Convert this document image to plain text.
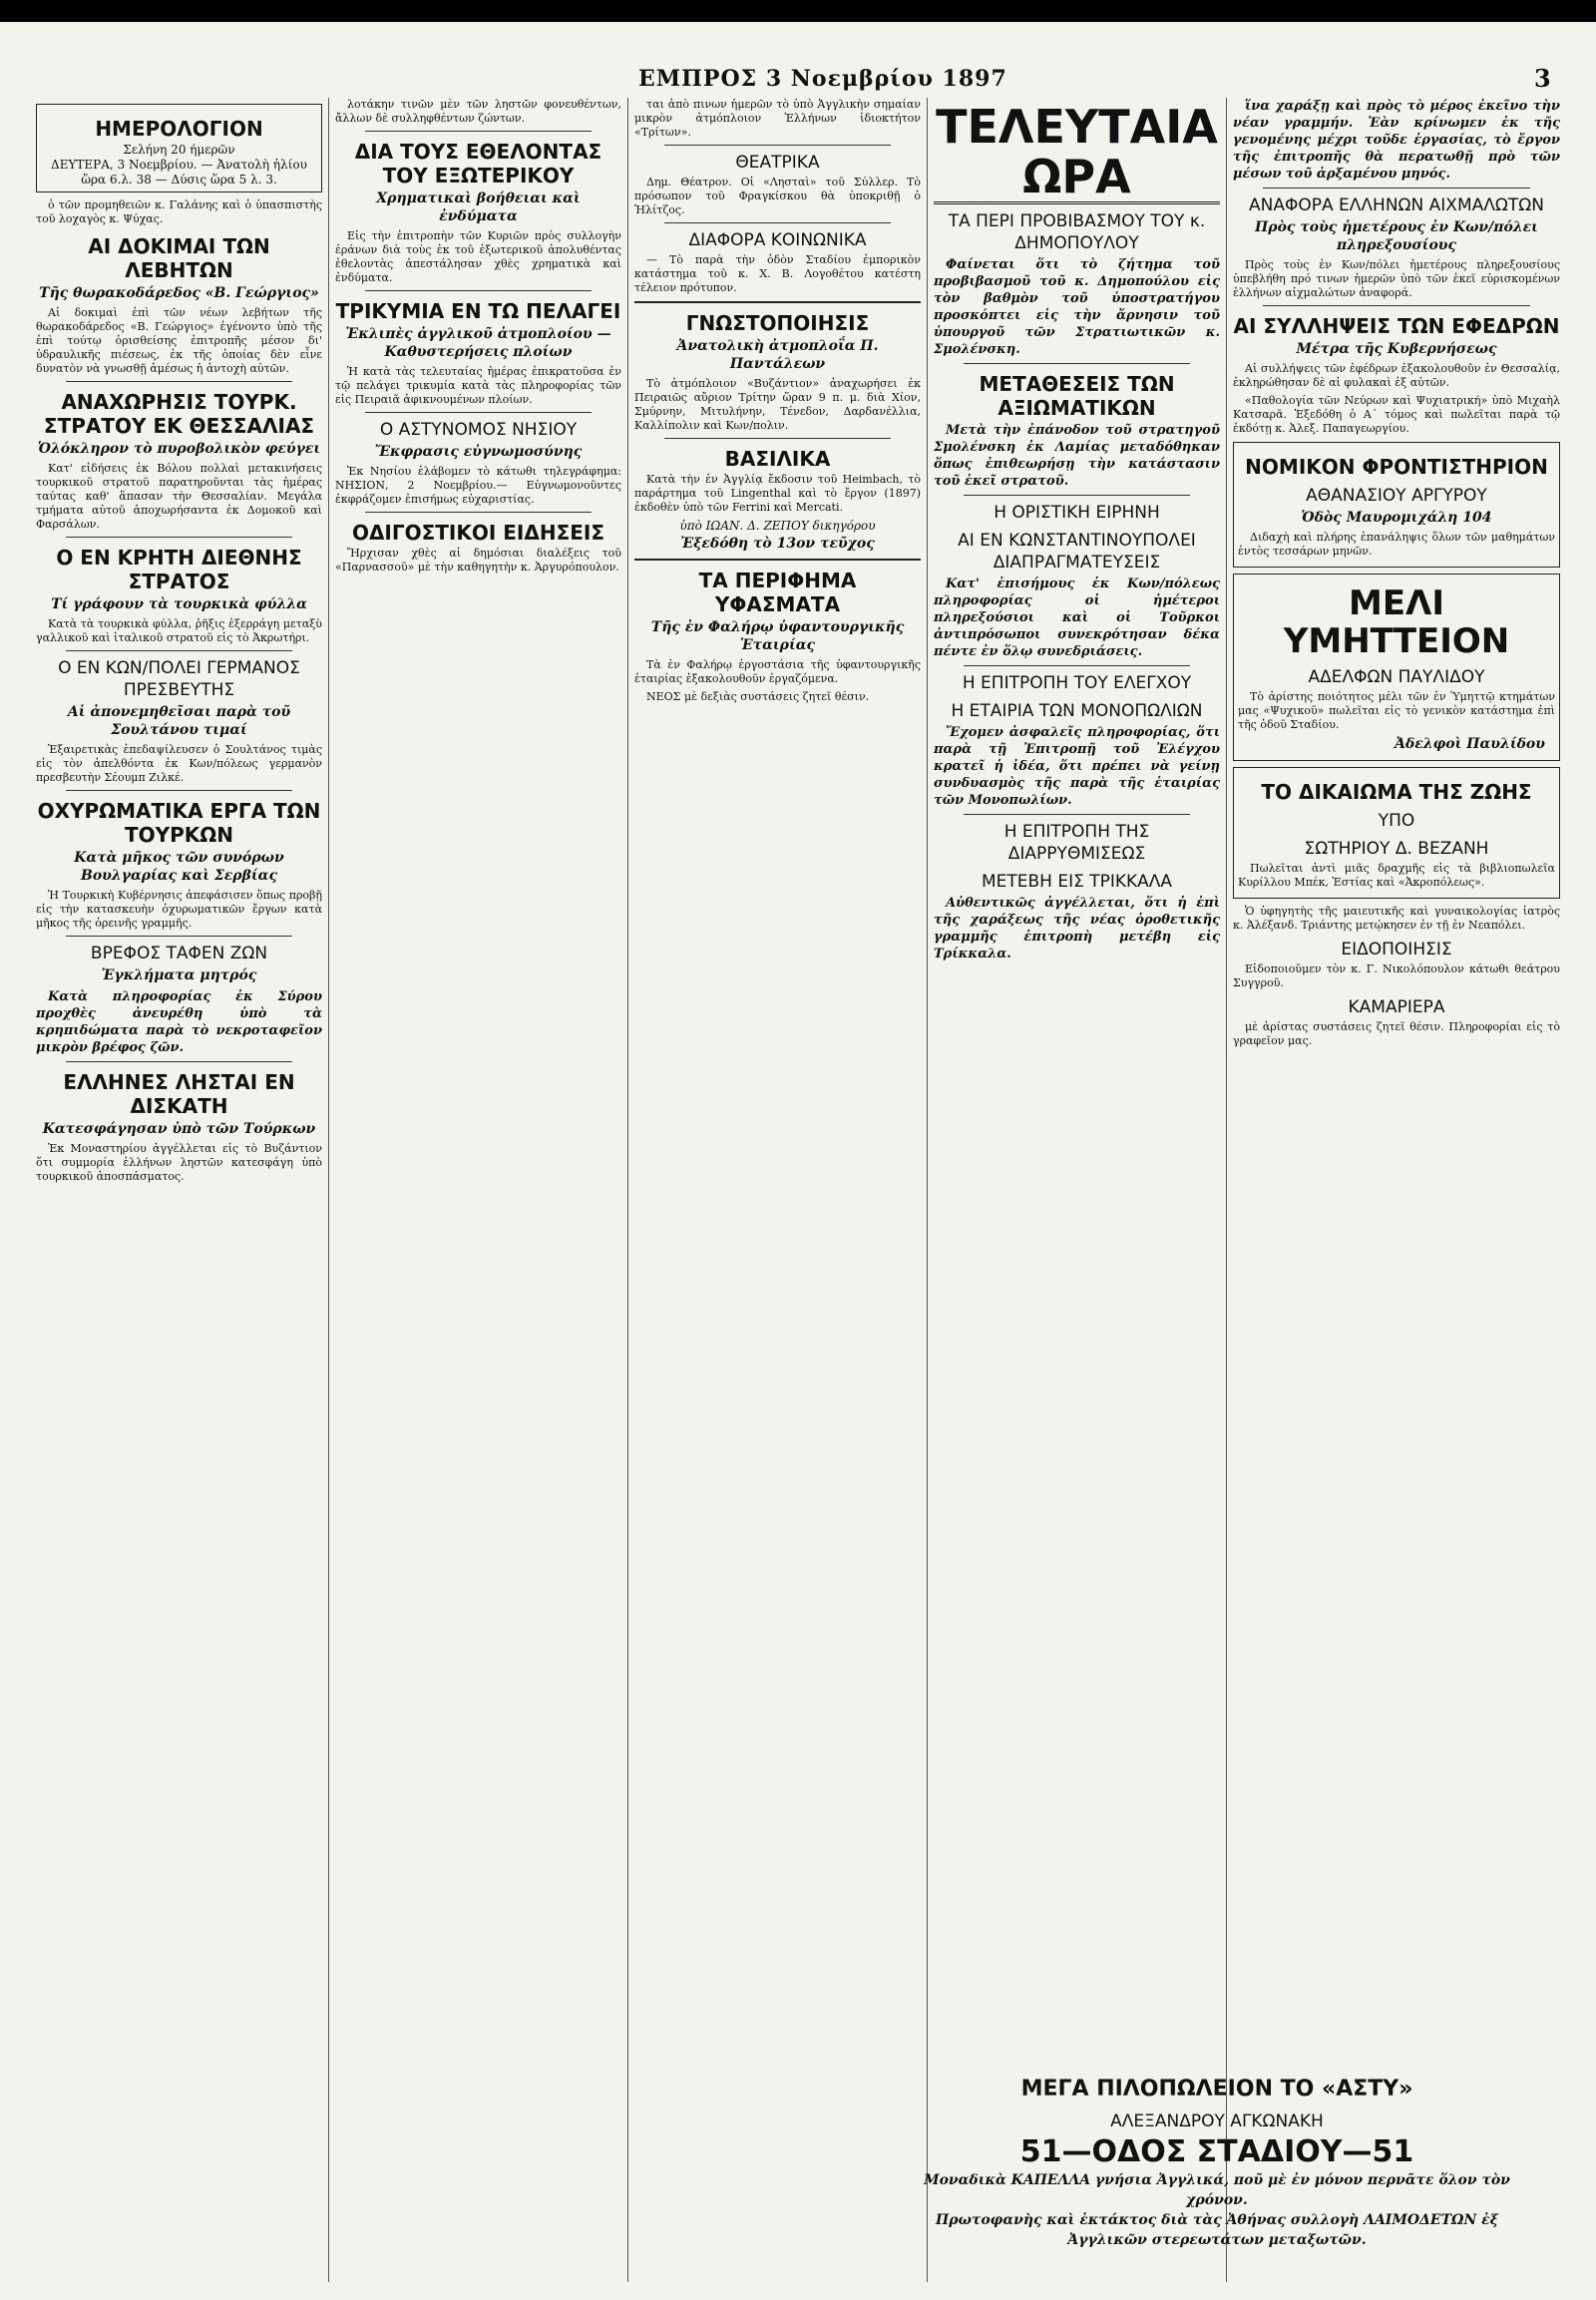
ΕΜΠΡΟΣ 3 Νοεμβρίου 1897	3
ΗΜΕΡΟΛΟΓΙΟΝ

Σελήνη 20 ήμερῶν

ΔΕΥΤΕΡΑ, 3 Νοεμβρίου. — Ἀνατολὴ ἡλίου ὥρα 6.λ. 38 — Δύσις ὥρα 5 λ. 3.

ὁ τῶν προμηθειῶν κ. Γαλάνης καὶ ὁ ὑπασπιστὴς τοῦ λοχαγὸς κ. Ψύχας.

ΑΙ ΔΟΚΙΜΑΙ ΤΩΝ ΛΕΒΗΤΩΝ
Τῆς θωρακοδάρεδος «Β. Γεώργιος»

Αἱ δοκιμαὶ ἐπὶ τῶν νέων λεβήτων τῆς θωρακοδάρεδος «Β. Γεώργιος» ἐγένοντο ὑπὸ τῆς ἐπὶ τούτῳ ὁρισθείσης ἐπιτροπῆς μέσον δι' ὑδραυλικῆς πιέσεως, ἐκ τῆς ὁποίας δὲν εἶνε δυνατὸν νὰ γνωσθῇ ἀμέσως ἡ ἀντοχὴ αὐτῶν.

ΑΝΑΧΩΡΗΣΙΣ ΤΟΥΡΚ. ΣΤΡΑΤΟΥ ΕΚ ΘΕΣΣΑΛΙΑΣ
Ὁλόκληρον τὸ πυροβολικὸν φεύγει

Κατ' εἰδήσεις ἐκ Βόλου πολλαὶ μετακινήσεις τουρκικοῦ στρατοῦ παρατηροῦνται τὰς ἡμέρας ταύτας καθ' ἅπασαν τὴν Θεσσαλίαν. Μεγάλα τμήματα αὐτοῦ ἀποχωρήσαντα ἐκ Δομοκοῦ καὶ Φαρσάλων.

Ο ΕΝ ΚΡΗΤΗ ΔΙΕΘΝΗΣ ΣΤΡΑΤΟΣ
Τί γράφουν τὰ τουρκικὰ φύλλα

Κατὰ τὰ τουρκικὰ φύλλα, ῥῆξις ἐξερράγη μεταξὺ γαλλικοῦ καὶ ἰταλικοῦ στρατοῦ εἰς τὸ Ἀκρωτήρι.

Ο ΕΝ ΚΩΝ/ΠΟΛΕΙ ΓΕΡΜΑΝΟΣ ΠΡΕΣΒΕΥΤΗΣ
Αἱ ἀπονεμηθεῖσαι παρὰ τοῦ Σουλτάνου τιμαί

Ἐξαιρετικὰς ἐπεδαψίλευσεν ὁ Σουλτάνος τιμὰς εἰς τὸν ἀπελθόντα ἐκ Κων/πόλεως γερμανὸν πρεσβευτὴν Σέουμπ Ζιλκέ.

ΟΧΥΡΩΜΑΤΙΚΑ ΕΡΓΑ ΤΩΝ ΤΟΥΡΚΩΝ
Κατὰ μῆκος τῶν συνόρων Βουλγαρίας καὶ Σερβίας

Ἡ Τουρκικὴ Κυβέρνησις ἀπεφάσισεν ὅπως προβῇ εἰς τὴν κατασκευὴν ὀχυρωματικῶν ἔργων κατὰ μῆκος τῆς ὀρεινῆς γραμμῆς.

ΒΡΕΦΟΣ ΤΑΦΕΝ ΖΩΝ
Ἐγκλήματα μητρός

Κατὰ πληροφορίας ἐκ Σύρου προχθὲς ἀνευρέθη ὑπὸ τὰ κρηπιδώματα παρὰ τὸ νεκροταφεῖον μικρὸν βρέφος ζῶν.

ΕΛΛΗΝΕΣ ΛΗΣΤΑΙ ΕΝ ΔΙΣΚΑΤΗ
Κατεσφάγησαν ὑπὸ τῶν Τούρκων

Ἐκ Μοναστηρίου ἀγγέλλεται εἰς τὸ Βυζάντιον ὅτι συμμορία ἑλλήνων ληστῶν κατεσφάγη ὑπὸ τουρκικοῦ ἀποσπάσματος.

λοτάκην τινῶν μὲν τῶν ληστῶν φονευθέντων, ἄλλων δὲ συλληφθέντων ζώντων.

ΔΙΑ ΤΟΥΣ ΕΘΕΛΟΝΤΑΣ ΤΟΥ ΕΞΩΤΕΡΙΚΟΥ
Χρηματικαὶ βοήθειαι καὶ ἐνδύματα

Εἰς τὴν ἐπιτροπὴν τῶν Κυριῶν πρὸς συλλογὴν ἐράνων διὰ τοὺς ἐκ τοῦ ἐξωτερικοῦ ἀπολυθέντας ἐθελοντὰς ἀπεστάλησαν χθὲς χρηματικὰ καὶ ἐνδύματα.

ΤΡΙΚΥΜΙΑ ΕΝ ΤΩ ΠΕΛΑΓΕΙ
Ἐκλιπὲς ἀγγλικοῦ ἀτμοπλοίου — Καθυστερήσεις πλοίων

Ἡ κατὰ τὰς τελευταίας ἡμέρας ἐπικρατοῦσα ἐν τῷ πελάγει τρικυμία κατὰ τὰς πληροφορίας τῶν εἰς Πειραιᾶ ἀφικνουμένων πλοίων.

Ο ΑΣΤΥΝΟΜΟΣ ΝΗΣΙΟΥ
Ἔκφρασις εὐγνωμοσύνης

Ἐκ Νησίου ἐλάβομεν τὸ κάτωθι τηλεγράφημα: ΝΗΣΙΟΝ, 2 Νοεμβρίου.— Εὐγνωμονοῦντες ἐκφράζομεν ἐπισήμως εὐχαριστίας.

ΟΔΙΓΟΣΤΙΚΟΙ ΕΙΔΗΣΕΙΣ

Ἤρχισαν χθὲς αἱ δημόσιαι διαλέξεις τοῦ «Παρνασσοῦ» μὲ τὴν καθηγητὴν κ. Ἀργυρόπουλον.

ται ἀπὸ πινων ἡμερῶν τὸ ὑπὸ Ἀγγλικὴν σημαίαν μικρὸν ἀτμόπλοιον Ἑλλήνων ἰδιοκτήτον «Τρίτων».

ΘΕΑΤΡΙΚΑ

Δημ. Θέατρον. Οἱ «Λησταὶ» τοῦ Σύλλερ. Τὸ πρόσωπον τοῦ Φραγκίσκου θὰ ὑποκριθῇ ὁ Ἠλίτζος.

ΔΙΑΦΟΡΑ ΚΟΙΝΩΝΙΚΑ

— Τὸ παρὰ τὴν ὁδὸν Σταδίου ἐμπορικὸν κατάστημα τοῦ κ. Χ. Β. Λογοθέτου κατέστη τέλειον πρότυπον.

ΓΝΩΣΤΟΠΟΙΗΣΙΣ
Ἀνατολικὴ ἀτμοπλοΐα Π. Παντάλεων

Τὸ ἀτμόπλοιον «Βυζάντιον» ἀναχωρήσει ἐκ Πειραιῶς αὔριον Τρίτην ὥραν 9 π. μ. διὰ Χίον, Σμύρνην, Μιτυλήνην, Τένεδον, Δαρδανέλλια, Καλλίπολιν καὶ Κων/πολιν.

ΒΑΣΙΛΙΚΑ

Κατὰ τὴν ἐν Ἀγγλίᾳ ἔκδοσιν τοῦ Heimbach, τὸ παράρτημα τοῦ Lingenthal καὶ τὸ ἔργον (1897) ἐκδοθὲν ὑπὸ τῶν Ferrini καὶ Mercati.

ὑπὸ ΙΩΑΝ. Δ. ΖΕΠΟΥ δικηγόρου
Ἐξεδόθη τὸ 13ον τεῦχος
ΤΑ ΠΕΡΙΦΗΜΑ ΥΦΑΣΜΑΤΑ
Τῆς ἐν Φαλήρῳ ὑφαντουργικῆς Ἑταιρίας

Τὰ ἐν Φαλήρῳ ἐργοστάσια τῆς ὑφαντουργικῆς ἑταιρίας ἐξακολουθοῦν ἐργαζόμενα.

ΝΕΟΣ μὲ δεξιὰς συστάσεις ζητεῖ θέσιν.

ΤΕΛΕΥΤΑΙΑ ΩΡΑ
ΤΑ ΠΕΡΙ ΠΡΟΒΙΒΑΣΜΟΥ ΤΟΥ κ. ΔΗΜΟΠΟΥΛΟΥ

Φαίνεται ὅτι τὸ ζήτημα τοῦ προβιβασμοῦ τοῦ κ. Δημοπούλου εἰς τὸν βαθμὸν τοῦ ὑποστρατήγου προσκόπτει εἰς τὴν ἄρνησιν τοῦ ὑπουργοῦ τῶν Στρατιωτικῶν κ. Σμολένσκη.

ΜΕΤΑΘΕΣΕΙΣ ΤΩΝ ΑΞΙΩΜΑΤΙΚΩΝ

Μετὰ τὴν ἐπάνοδον τοῦ στρατηγοῦ Σμολένσκη ἐκ Λαμίας μεταδόθηκαν ὅπως ἐπιθεωρήσῃ τὴν κατάστασιν τοῦ ἐκεῖ στρατοῦ.

Η ΟΡΙΣΤΙΚΗ ΕΙΡΗΝΗ
ΑΙ ΕΝ ΚΩΝΣΤΑΝΤΙΝΟΥΠΟΛΕΙ ΔΙΑΠΡΑΓΜΑΤΕΥΣΕΙΣ

Κατ' ἐπισήμους ἐκ Κων/πόλεως πληροφορίας οἱ ἡμέτεροι πληρεξούσιοι καὶ οἱ Τοῦρκοι ἀντιπρόσωποι συνεκρότησαν δέκα πέντε ἐν ὅλῳ συνεδριάσεις.

Η ΕΠΙΤΡΟΠΗ ΤΟΥ ΕΛΕΓΧΟΥ
Η ΕΤΑΙΡΙΑ ΤΩΝ ΜΟΝΟΠΩΛΙΩΝ

Ἔχομεν ἀσφαλεῖς πληροφορίας, ὅτι παρὰ τῇ Ἐπιτροπῇ τοῦ Ἐλέγχου κρατεῖ ἡ ἰδέα, ὅτι πρέπει νὰ γείνῃ συνδυασμὸς τῆς παρὰ τῆς ἑταιρίας τῶν Μονοπωλίων.

Η ΕΠΙΤΡΟΠΗ ΤΗΣ ΔΙΑΡΡΥΘΜΙΣΕΩΣ
ΜΕΤΕΒΗ ΕΙΣ ΤΡΙΚΚΑΛΑ

Αὐθεντικῶς ἀγγέλλεται, ὅτι ἡ ἐπὶ τῆς χαράξεως τῆς νέας ὁροθετικῆς γραμμῆς ἐπιτροπὴ μετέβη εἰς Τρίκκαλα.

ἵνα χαράξῃ καὶ πρὸς τὸ μέρος ἐκεῖνο τὴν νέαν γραμμήν. Ἐὰν κρίνωμεν ἐκ τῆς γενομένης μέχρι τοῦδε ἐργασίας, τὸ ἔργον τῆς ἐπιτροπῆς θὰ περατωθῇ πρὸ τῶν μέσων τοῦ ἀρξαμένου μηνός.

ΑΝΑΦΟΡΑ ΕΛΛΗΝΩΝ ΑΙΧΜΑΛΩΤΩΝ
Πρὸς τοὺς ἡμετέρους ἐν Κων/πόλει πληρεξουσίους

Πρὸς τοὺς ἐν Κων/πόλει ἡμετέρους πληρεξουσίους ὑπεβλήθη πρό τινων ἡμερῶν ὑπὸ τῶν ἐκεῖ εὑρισκομένων ἑλλήνων αἰχμαλώτων ἀναφορά.

ΑΙ ΣΥΛΛΗΨΕΙΣ ΤΩΝ ΕΦΕΔΡΩΝ
Μέτρα τῆς Κυβερνήσεως

Αἱ συλλήψεις τῶν ἐφέδρων ἐξακολουθοῦν ἐν Θεσσαλίᾳ, ἐκληρώθησαν δὲ αἱ φυλακαὶ ἐξ αὐτῶν.

«Παθολογία τῶν Νεύρων καὶ Ψυχιατρική» ὑπὸ Μιχαὴλ Κατσαρᾶ. Ἐξεδόθη ὁ Α΄ τόμος καὶ πωλεῖται παρὰ τῷ ἐκδότῃ κ. Ἀλεξ. Παπαγεωργίου.

ΝΟΜΙΚΟΝ ΦΡΟΝΤΙΣΤΗΡΙΟΝ
ΑΘΑΝΑΣΙΟΥ ΑΡΓΥΡΟΥ
Ὁδὸς Μαυρομιχάλη 104

Διδαχὴ καὶ πλήρης ἐπανάληψις ὅλων τῶν μαθημάτων ἐντὸς τεσσάρων μηνῶν.

ΜΕΛΙ ΥΜΗΤΤΕΙΟΝ
ΑΔΕΛΦΩΝ ΠΑΥΛΙΔΟΥ

Τὸ ἀρίστης ποιότητος μέλι τῶν ἐν Ὑμηττῷ κτημάτων μας «Ψυχικοῦ» πωλεῖται εἰς τὸ γενικὸν κατάστημα ἐπὶ τῆς ὁδοῦ Σταδίου.

Ἀδελφοὶ Παυλίδου
ΤΟ ΔΙΚΑΙΩΜΑ ΤΗΣ ΖΩΗΣ
ΥΠΟ
ΣΩΤΗΡΙΟΥ Δ. ΒΕΖΑΝΗ

Πωλεῖται ἀντὶ μιᾶς δραχμῆς εἰς τὰ βιβλιοπωλεῖα Κυρίλλου Μπέκ, Ἑστίας καὶ «Ἀκροπόλεως».

Ὁ ὑφηγητὴς τῆς μαιευτικῆς καὶ γυναικολογίας ἰατρὸς κ. Ἀλέξανδ. Τριάντης μετῴκησεν ἐν τῇ ἐν Νεαπόλει.

ΕΙΔΟΠΟΙΗΣΙΣ

Εἰδοποιοῦμεν τὸν κ. Γ. Νικολόπουλον κάτωθι θεάτρου Συγγροῦ.

ΚΑΜΑΡΙΕΡΑ

μὲ ἀρίστας συστάσεις ζητεῖ θέσιν. Πληροφορίαι εἰς τὸ γραφεῖον μας.

ΜΕΓΑ ΠΙΛΟΠΩΛΕΙΟΝ ΤΟ «ΑΣΤΥ»
ΑΛΕΞΑΝΔΡΟΥ ΑΓΚΩΝΑΚΗ
51—ΟΔΟΣ ΣΤΑΔΙΟΥ—51

Μοναδικὰ ΚΑΠΕΛΛΑ γνήσια Ἀγγλικά, ποῦ μὲ ἐν μόνον περνᾶτε ὅλον τὸν χρόνον.

Πρωτοφανὴς καὶ ἐκτάκτος διὰ τὰς Ἀθήνας συλλογὴ ΛΑΙΜΟΔΕΤΩΝ ἐξ Ἀγγλικῶν στερεωτάτων μεταξωτῶν.
